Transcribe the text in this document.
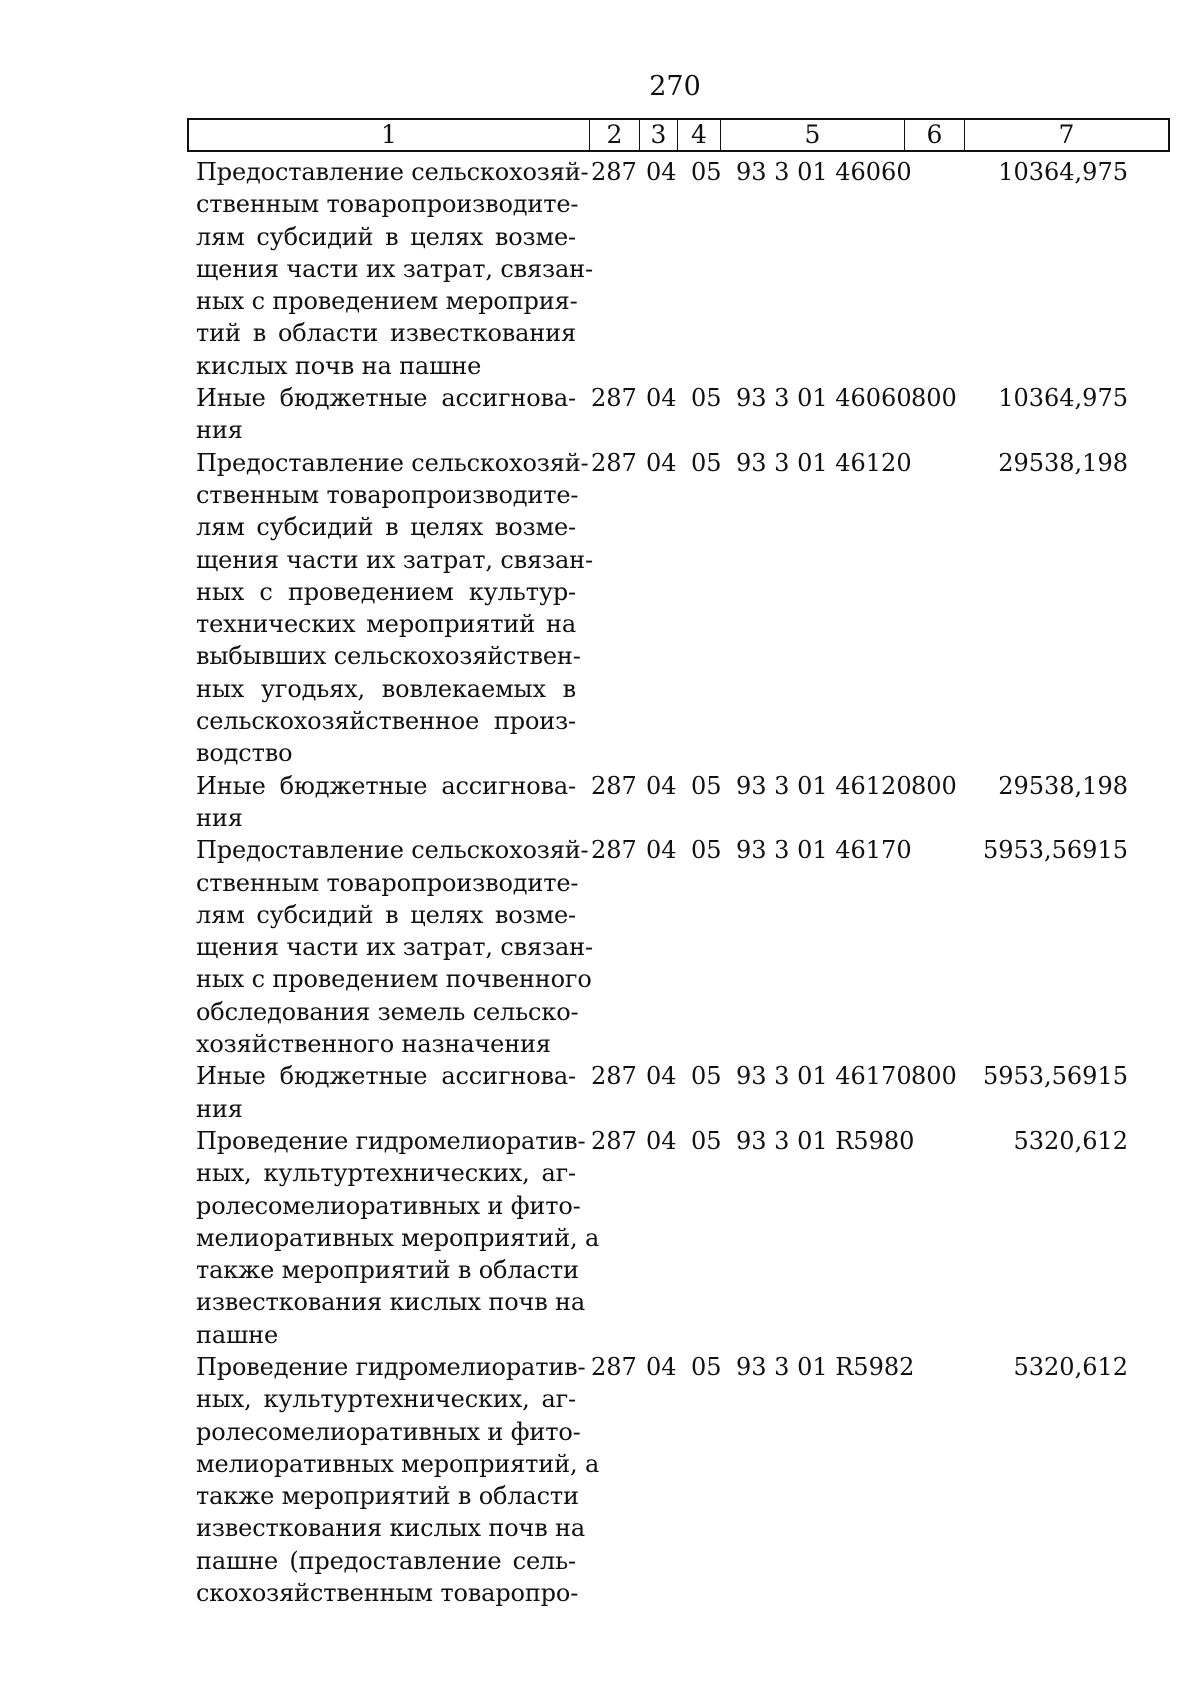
270
1	2	3 4	5	6	7
Предоставление сельскохозяй-
ственным товаропроизводите-
лям субсидий в целях возме-
щения части их затрат, связан-
ных с проведением мероприя-
тий в области известкования
кислых почв на пашне
287 04 05 93 3 01 46060	10364,975
Иные бюджетные ассигнова-
ния
287 04 05 93 3 01 46060 800 10364,975
Предоставление сельскохозяй-
ственным товаропроизводите-
лям субсидий в целях возме-
щения части их затрат, связан-
ных с проведением культур-
технических мероприятий на
выбывших сельскохозяйствен-
ных угодьях, вовлекаемых в
сельскохозяйственное произ-
водство
287 04 05 93 3 01 46120	29538,198
Иные бюджетные ассигнова-
ния
287 04 05 93 3 01 46120 800 29538,198
Предоставление сельскохозяй-
ственным товаропроизводите-
лям субсидий в целях возме-
щения части их затрат, связан-
ных с проведением почвенного
обследования земель сельско-
хозяйственного назначения
287 04 05 93 3 01 46170	5953,56915
Иные бюджетные ассигнова-
ния
287 04 05 93 3 01 46170 800 5953,56915
Проведение гидромелиоратив-
ных, культуртехнических, аг-
ролесомелиоративных и фито-
мелиоративных мероприятий, а
также мероприятий в области
известкования кислых почв на
пашне
287 04 05 93 3 01 R5980	5320,612
Проведение гидромелиоратив-
ных, культуртехнических, аг-
ролесомелиоративных и фито-
мелиоративных мероприятий, а
также мероприятий в области
известкования кислых почв на
пашне (предоставление сель-
скохозяйственным товаропро-
287 04 05 93 3 01 R5982	5320,612
